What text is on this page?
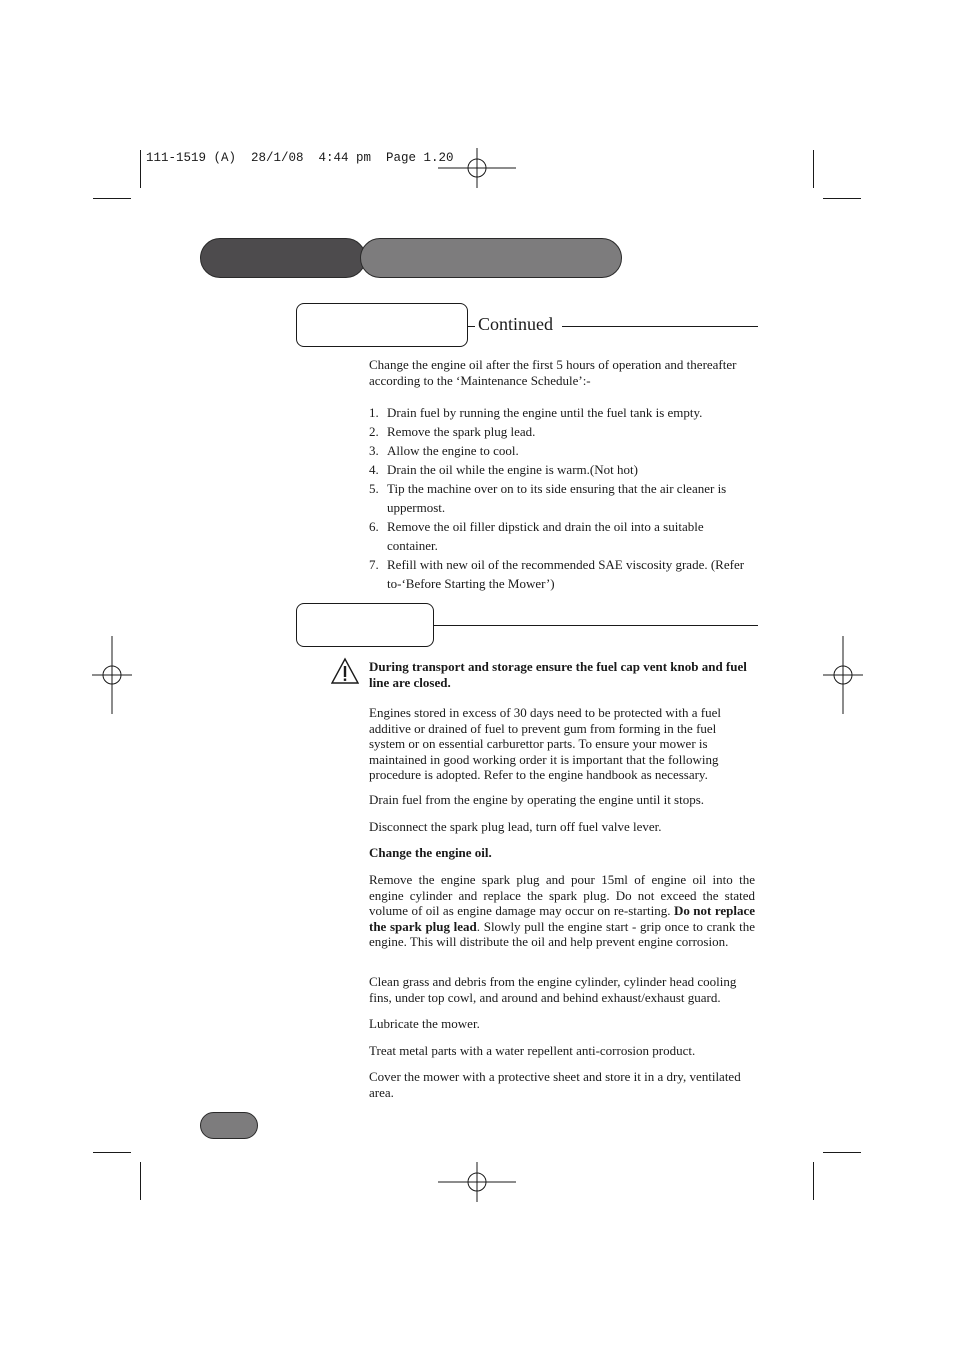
111-1519 (A)  28/1/08  4:44 pm  Page 1.20
Continued
Change the engine oil after the first 5 hours of operation and thereafter according to the ‘Maintenance Schedule’:-
1. Drain fuel by running the engine until the fuel tank is empty.
2. Remove the spark plug lead.
3. Allow the engine to cool.
4. Drain the oil while the engine is warm.(Not hot)
5. Tip the machine over on to its side ensuring that the air cleaner is uppermost.
6. Remove the oil filler dipstick and drain the oil into a suitable container.
7. Refill with new oil of the recommended SAE viscosity grade. (Refer to-‘Before Starting the Mower’)
During transport and storage ensure the fuel cap vent knob and fuel line are closed.
Engines stored in excess of 30 days need to be protected with a fuel additive or drained of fuel to prevent gum from forming in the fuel system or on essential carburettor parts. To ensure your mower is maintained in good working order it is important that the following procedure is adopted. Refer to the engine handbook as necessary.
Drain fuel from the engine by operating the engine until it stops.
Disconnect the spark plug lead, turn off fuel valve lever.
Change the engine oil.
Remove the engine spark plug and pour 15ml of engine oil into the engine cylinder and replace the spark plug. Do not exceed the stated volume of oil as engine damage may occur on re-starting. Do not replace the spark plug lead. Slowly pull the engine start - grip once to crank the engine. This will distribute the oil and help prevent engine corrosion.
Clean grass and debris from the engine cylinder, cylinder head cooling fins, under top cowl, and around and behind exhaust/exhaust guard.
Lubricate the mower.
Treat metal parts with a water repellent anti-corrosion product.
Cover the mower with a protective sheet and store it in a dry, ventilated area.
